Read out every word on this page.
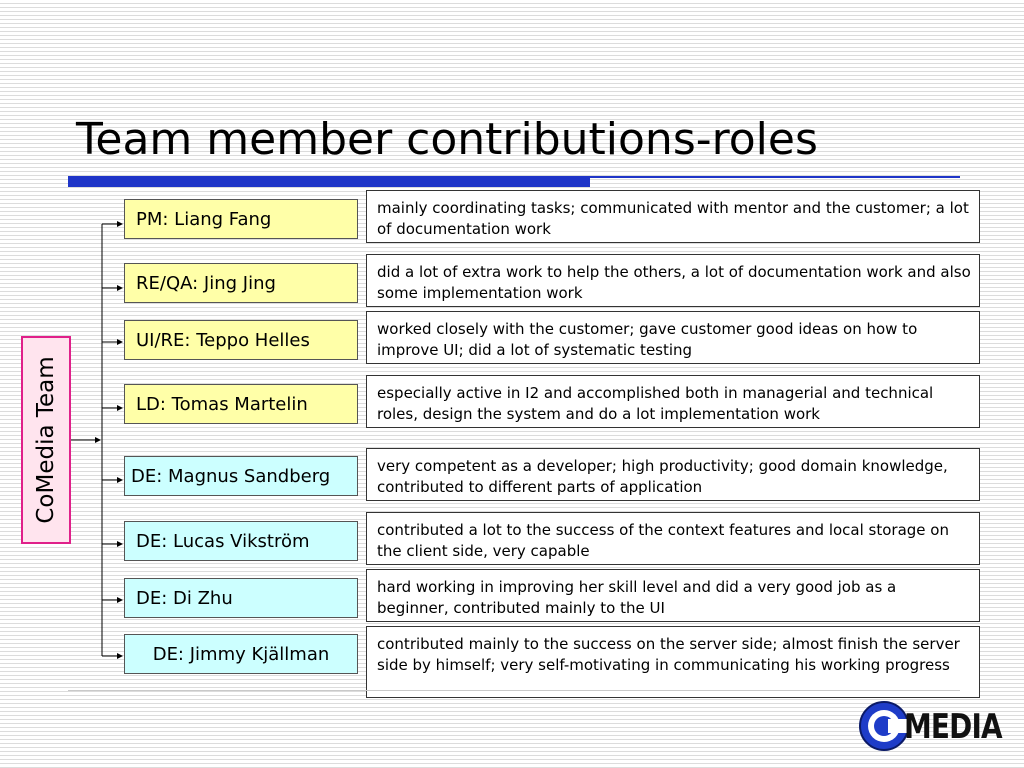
Team member contributions-roles
CoMedia Team
PM: Liang Fang
RE/QA: Jing Jing
UI/RE: Teppo Helles
LD: Tomas Martelin
DE: Magnus Sandberg
DE: Lucas Vikström
DE: Di Zhu
DE: Jimmy Kjällman
mainly coordinating tasks; communicated with mentor and the customer; a lot of documentation work
did a lot of extra work to help the others, a lot of documentation work and also some implementation work
worked closely with the customer; gave customer good ideas on how to improve UI; did a lot of systematic testing
especially active in I2 and accomplished both in managerial and technical roles, design the system and do a lot implementation work
very competent as a developer; high productivity; good domain knowledge, contributed to different parts of application
contributed a lot to the success of the context features and local storage on the client side, very capable
hard working in improving her skill level and did a very good job as a beginner, contributed mainly to the UI
contributed mainly to the success on the server side; almost finish the server side by himself; very self-motivating in communicating his working progress
MEDIA
